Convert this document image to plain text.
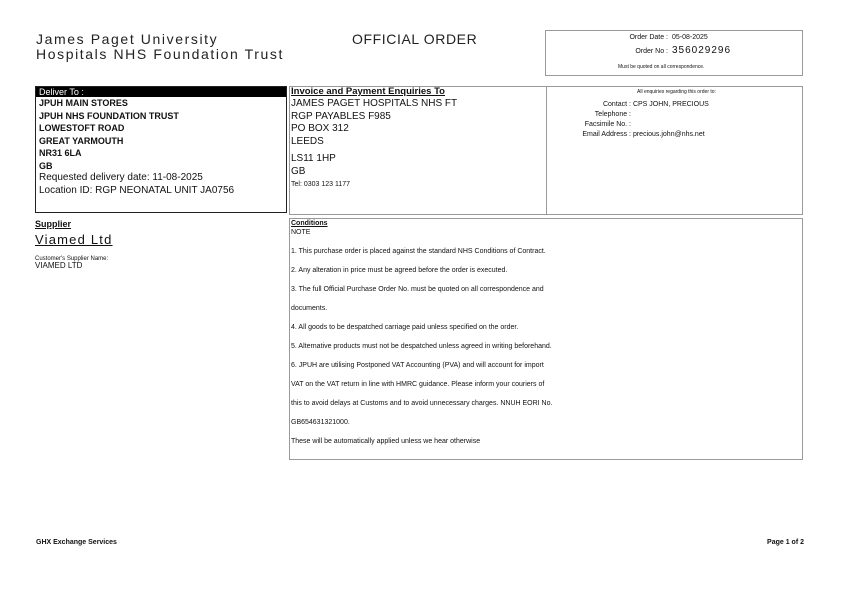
James Paget University
Hospitals NHS Foundation Trust
OFFICIAL ORDER	Order Date : 05-08-2025
Order No : 356029296
Must be quoted on all correspondence.
Deliver To :
JPUH MAIN STORES
JPUH NHS FOUNDATION TRUST
LOWESTOFT ROAD
GREAT YARMOUTH
NR31 6LA
GB
Requested delivery date: 11-08-2025
Location ID: RGP NEONATAL UNIT JA0756
Invoice and Payment Enquiries To
JAMES PAGET HOSPITALS NHS FT
RGP PAYABLES F985
PO BOX 312
LEEDS
LS11 1HP
GB
Tel: 0303 123 1177
All enquiries regarding this order to:
Contact : CPS JOHN, PRECIOUS
Telephone :
Facsimile No. :
Email Address : precious.john@nhs.net
Supplier
Viamed Ltd
Customer's Supplier Name:
VIAMED LTD
Conditions

NOTE

1. This purchase order is placed against the standard NHS Conditions of Contract.

2. Any alteration in price must be agreed before the order is executed.

3. The full Official Purchase Order No. must be quoted on all correspondence and

documents.

4. All goods to be despatched carriage paid unless specified on the order.

5. Alternative products must not be despatched unless agreed in writing beforehand.

6. JPUH are utilising Postponed VAT Accounting (PVA) and will account for import

VAT on the VAT return in line with HMRC guidance. Please inform your couriers of

this to avoid delays at Customs and to avoid unnecessary charges. NNUH EORI No.

GB654631321000.

These will be automatically applied unless we hear otherwise

GHX Exchange Services	Page 1 of 2
